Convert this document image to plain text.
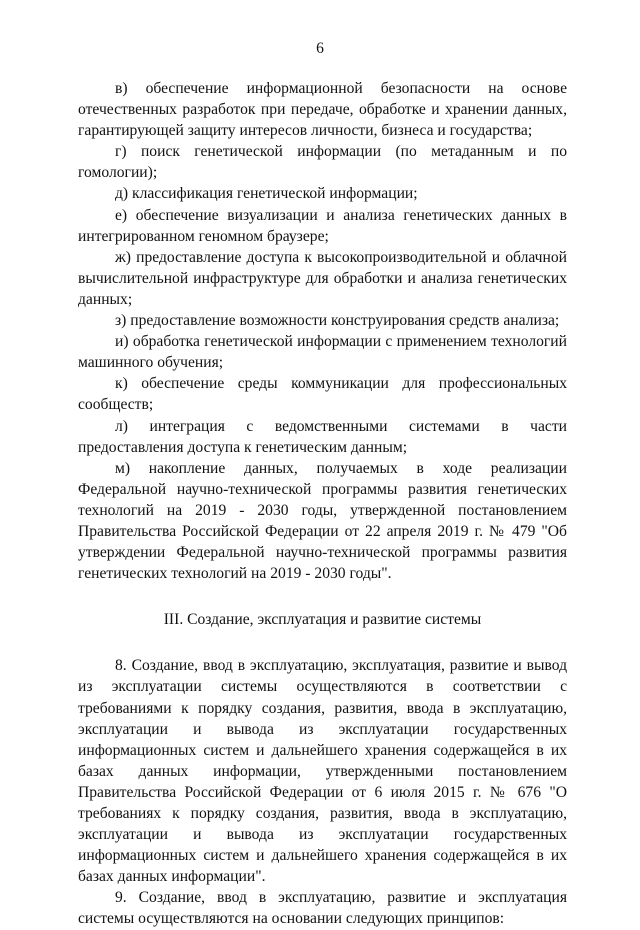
6

в) обеспечение информационной безопасности на основе отечественных разработок при передаче, обработке и хранении данных, гарантирующей защиту интересов личности, бизнеса и государства;

г) поиск генетической информации (по метаданным и по гомологии);

д) классификация генетической информации;

е) обеспечение визуализации и анализа генетических данных в интегрированном геномном браузере;

ж) предоставление доступа к высокопроизводительной и облачной вычислительной инфраструктуре для обработки и анализа генетических данных;

з) предоставление возможности конструирования средств анализа;

и) обработка генетической информации с применением технологий машинного обучения;

к) обеспечение среды коммуникации для профессиональных сообществ;

л) интеграция с ведомственными системами в части предоставления доступа к генетическим данным;

м) накопление данных, получаемых в ходе реализации Федеральной научно-технической программы развития генетических технологий на 2019 - 2030 годы, утвержденной постановлением Правительства Российской Федерации от 22 апреля 2019 г. № 479 "Об утверждении Федеральной научно-технической программы развития генетических технологий на 2019 - 2030 годы".

III. Создание, эксплуатация и развитие системы

8. Создание, ввод в эксплуатацию, эксплуатация, развитие и вывод из эксплуатации системы осуществляются в соответствии с требованиями к порядку создания, развития, ввода в эксплуатацию, эксплуатации и вывода из эксплуатации государственных информационных систем и дальнейшего хранения содержащейся в их базах данных информации, утвержденными постановлением Правительства Российской Федерации от 6 июля 2015 г. № 676 "О требованиях к порядку создания, развития, ввода в эксплуатацию, эксплуатации и вывода из эксплуатации государственных информационных систем и дальнейшего хранения содержащейся в их базах данных информации".

9. Создание, ввод в эксплуатацию, развитие и эксплуатация системы осуществляются на основании следующих принципов:
